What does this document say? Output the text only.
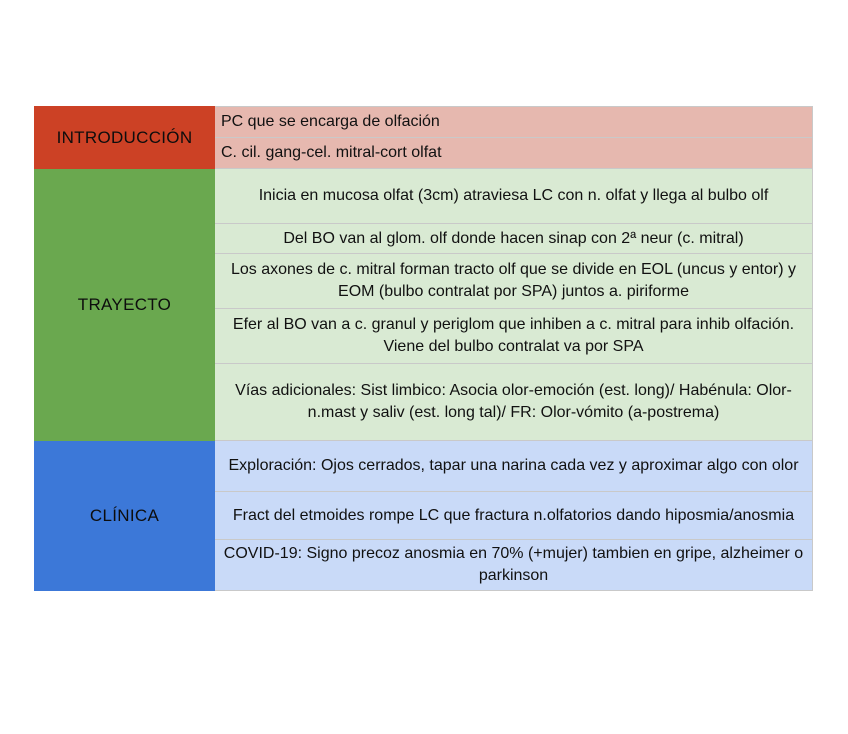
INTRODUCCIÓN	PC que se encarga de olfación
	C. cil. gang-cel. mitral-cort olfat
TRAYECTO	Inicia en mucosa olfat (3cm) atraviesa LC con n. olfat y llega al bulbo olf
	Del BO van al glom. olf donde hacen sinap con 2ª neur (c. mitral)
	Los axones de c. mitral forman tracto olf que se divide en EOL (uncus y entor) y EOM (bulbo contralat por SPA) juntos a. piriforme
	Efer al BO van a c. granul y periglom que inhiben a c. mitral para inhib olfación. Viene del bulbo contralat va por SPA
	Vías adicionales: Sist limbico: Asocia olor-emoción (est. long)/ Habénula: Olor-n.mast y saliv (est. long tal)/ FR: Olor-vómito (a-postrema)
CLÍNICA	Exploración: Ojos cerrados, tapar una narina cada vez y aproximar algo con olor
	Fract del etmoides rompe LC que fractura n.olfatorios dando hiposmia/anosmia
	COVID-19: Signo precoz anosmia en 70% (+mujer) tambien en gripe, alzheimer o parkinson
